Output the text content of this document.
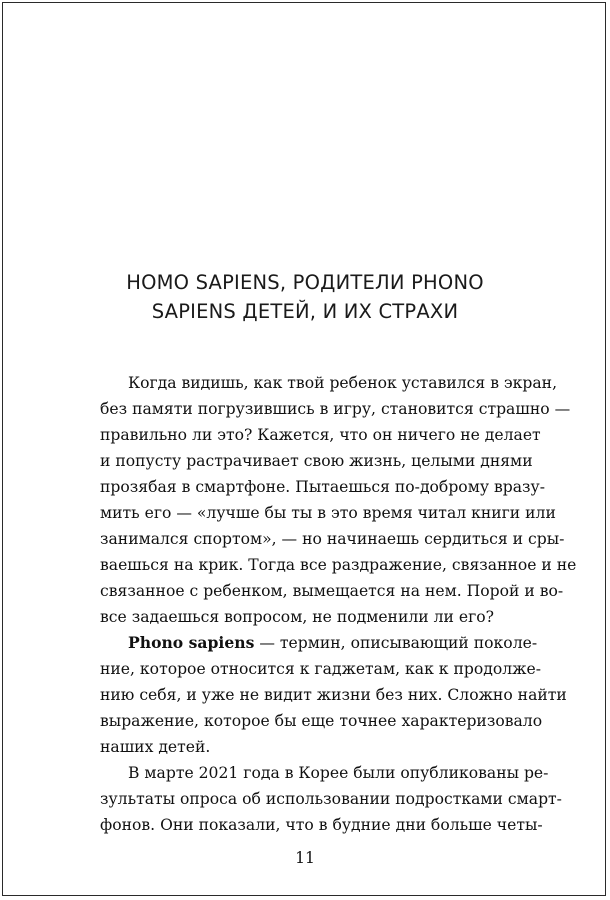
HOMO SAPIENS, РОДИТЕЛИ PHONO
SAPIENS ДЕТЕЙ, И ИХ СТРАХИ
Когда видишь, как твой ребенок уставился в экран,
без памяти погрузившись в игру, становится страшно —
правильно ли это? Кажется, что он ничего не делает
и попусту растрачивает свою жизнь, целыми днями
прозябая в смартфоне. Пытаешься по-доброму вразу-
мить его — «лучше бы ты в это время читал книги или
занимался спортом», — но начинаешь сердиться и сры-
ваешься на крик. Тогда все раздражение, связанное и не
связанное с ребенком, вымещается на нем. Порой и во-
все задаешься вопросом, не подменили ли его?
Phono sapiens — термин, описывающий поколе-
ние, которое относится к гаджетам, как к продолже-
нию себя, и уже не видит жизни без них. Сложно найти
выражение, которое бы еще точнее характеризовало
наших детей.
В марте 2021 года в Корее были опубликованы ре-
зультаты опроса об использовании подростками смарт-
фонов. Они показали, что в будние дни больше четы-
11
